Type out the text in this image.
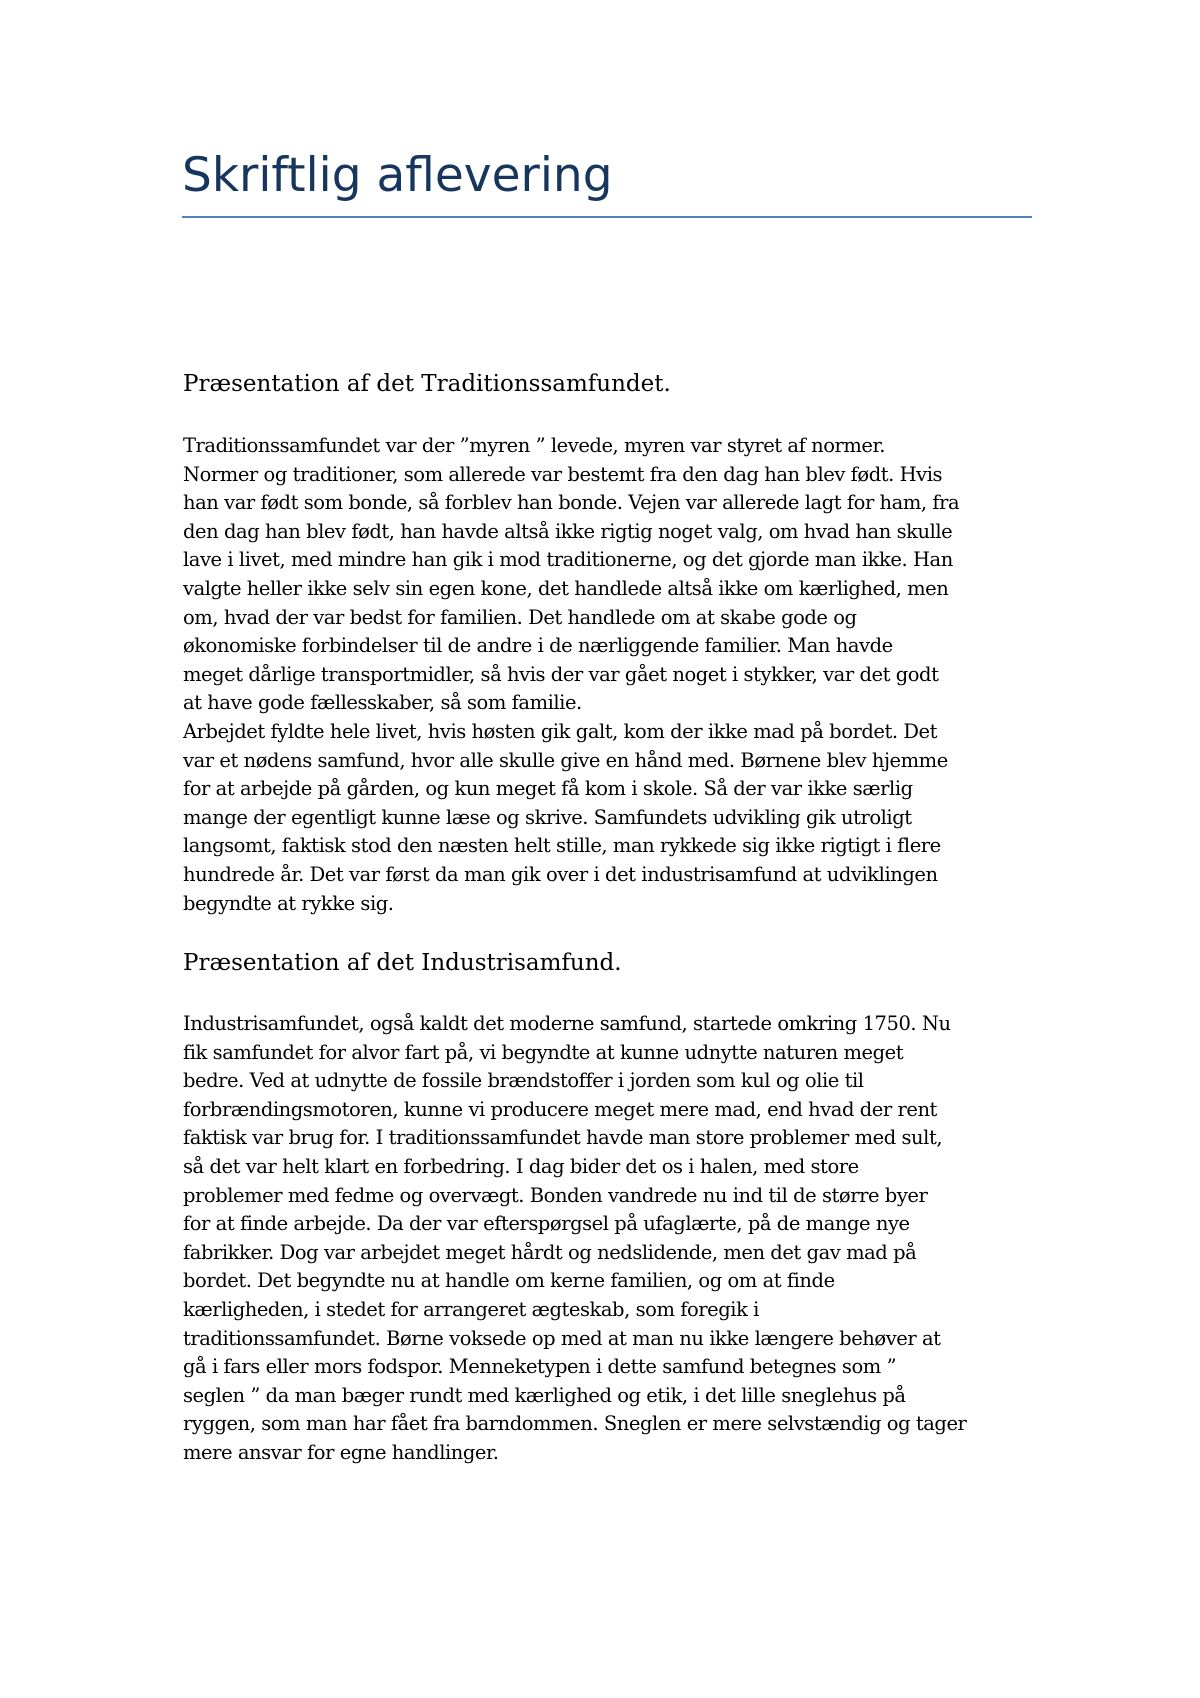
Skriftlig aflevering
Præsentation af det Traditionssamfundet.
Traditionssamfundet var der ”myren ” levede, myren var styret af normer.
Normer og traditioner, som allerede var bestemt fra den dag han blev født. Hvis
han var født som bonde, så forblev han bonde. Vejen var allerede lagt for ham, fra
den dag han blev født, han havde altså ikke rigtig noget valg, om hvad han skulle
lave i livet, med mindre han gik i mod traditionerne, og det gjorde man ikke. Han
valgte heller ikke selv sin egen kone, det handlede altså ikke om kærlighed, men
om, hvad der var bedst for familien. Det handlede om at skabe gode og
økonomiske forbindelser til de andre i de nærliggende familier. Man havde
meget dårlige transportmidler, så hvis der var gået noget i stykker, var det godt
at have gode fællesskaber, så som familie.
Arbejdet fyldte hele livet, hvis høsten gik galt, kom der ikke mad på bordet. Det
var et nødens samfund, hvor alle skulle give en hånd med. Børnene blev hjemme
for at arbejde på gården, og kun meget få kom i skole. Så der var ikke særlig
mange der egentligt kunne læse og skrive. Samfundets udvikling gik utroligt
langsomt, faktisk stod den næsten helt stille, man rykkede sig ikke rigtigt i flere
hundrede år. Det var først da man gik over i det industrisamfund at udviklingen
begyndte at rykke sig.
Præsentation af det Industrisamfund.
Industrisamfundet, også kaldt det moderne samfund, startede omkring 1750. Nu
fik samfundet for alvor fart på, vi begyndte at kunne udnytte naturen meget
bedre. Ved at udnytte de fossile brændstoffer i jorden som kul og olie til
forbrændingsmotoren, kunne vi producere meget mere mad, end hvad der rent
faktisk var brug for. I traditionssamfundet havde man store problemer med sult,
så det var helt klart en forbedring. I dag bider det os i halen, med store
problemer med fedme og overvægt. Bonden vandrede nu ind til de større byer
for at finde arbejde. Da der var efterspørgsel på ufaglærte, på de mange nye
fabrikker. Dog var arbejdet meget hårdt og nedslidende, men det gav mad på
bordet. Det begyndte nu at handle om kerne familien, og om at finde
kærligheden, i stedet for arrangeret ægteskab, som foregik i
traditionssamfundet. Børne voksede op med at man nu ikke længere behøver at
gå i fars eller mors fodspor. Menneketypen i dette samfund betegnes som ”
seglen ” da man bæger rundt med kærlighed og etik, i det lille sneglehus på
ryggen, som man har fået fra barndommen. Sneglen er mere selvstændig og tager
mere ansvar for egne handlinger.
